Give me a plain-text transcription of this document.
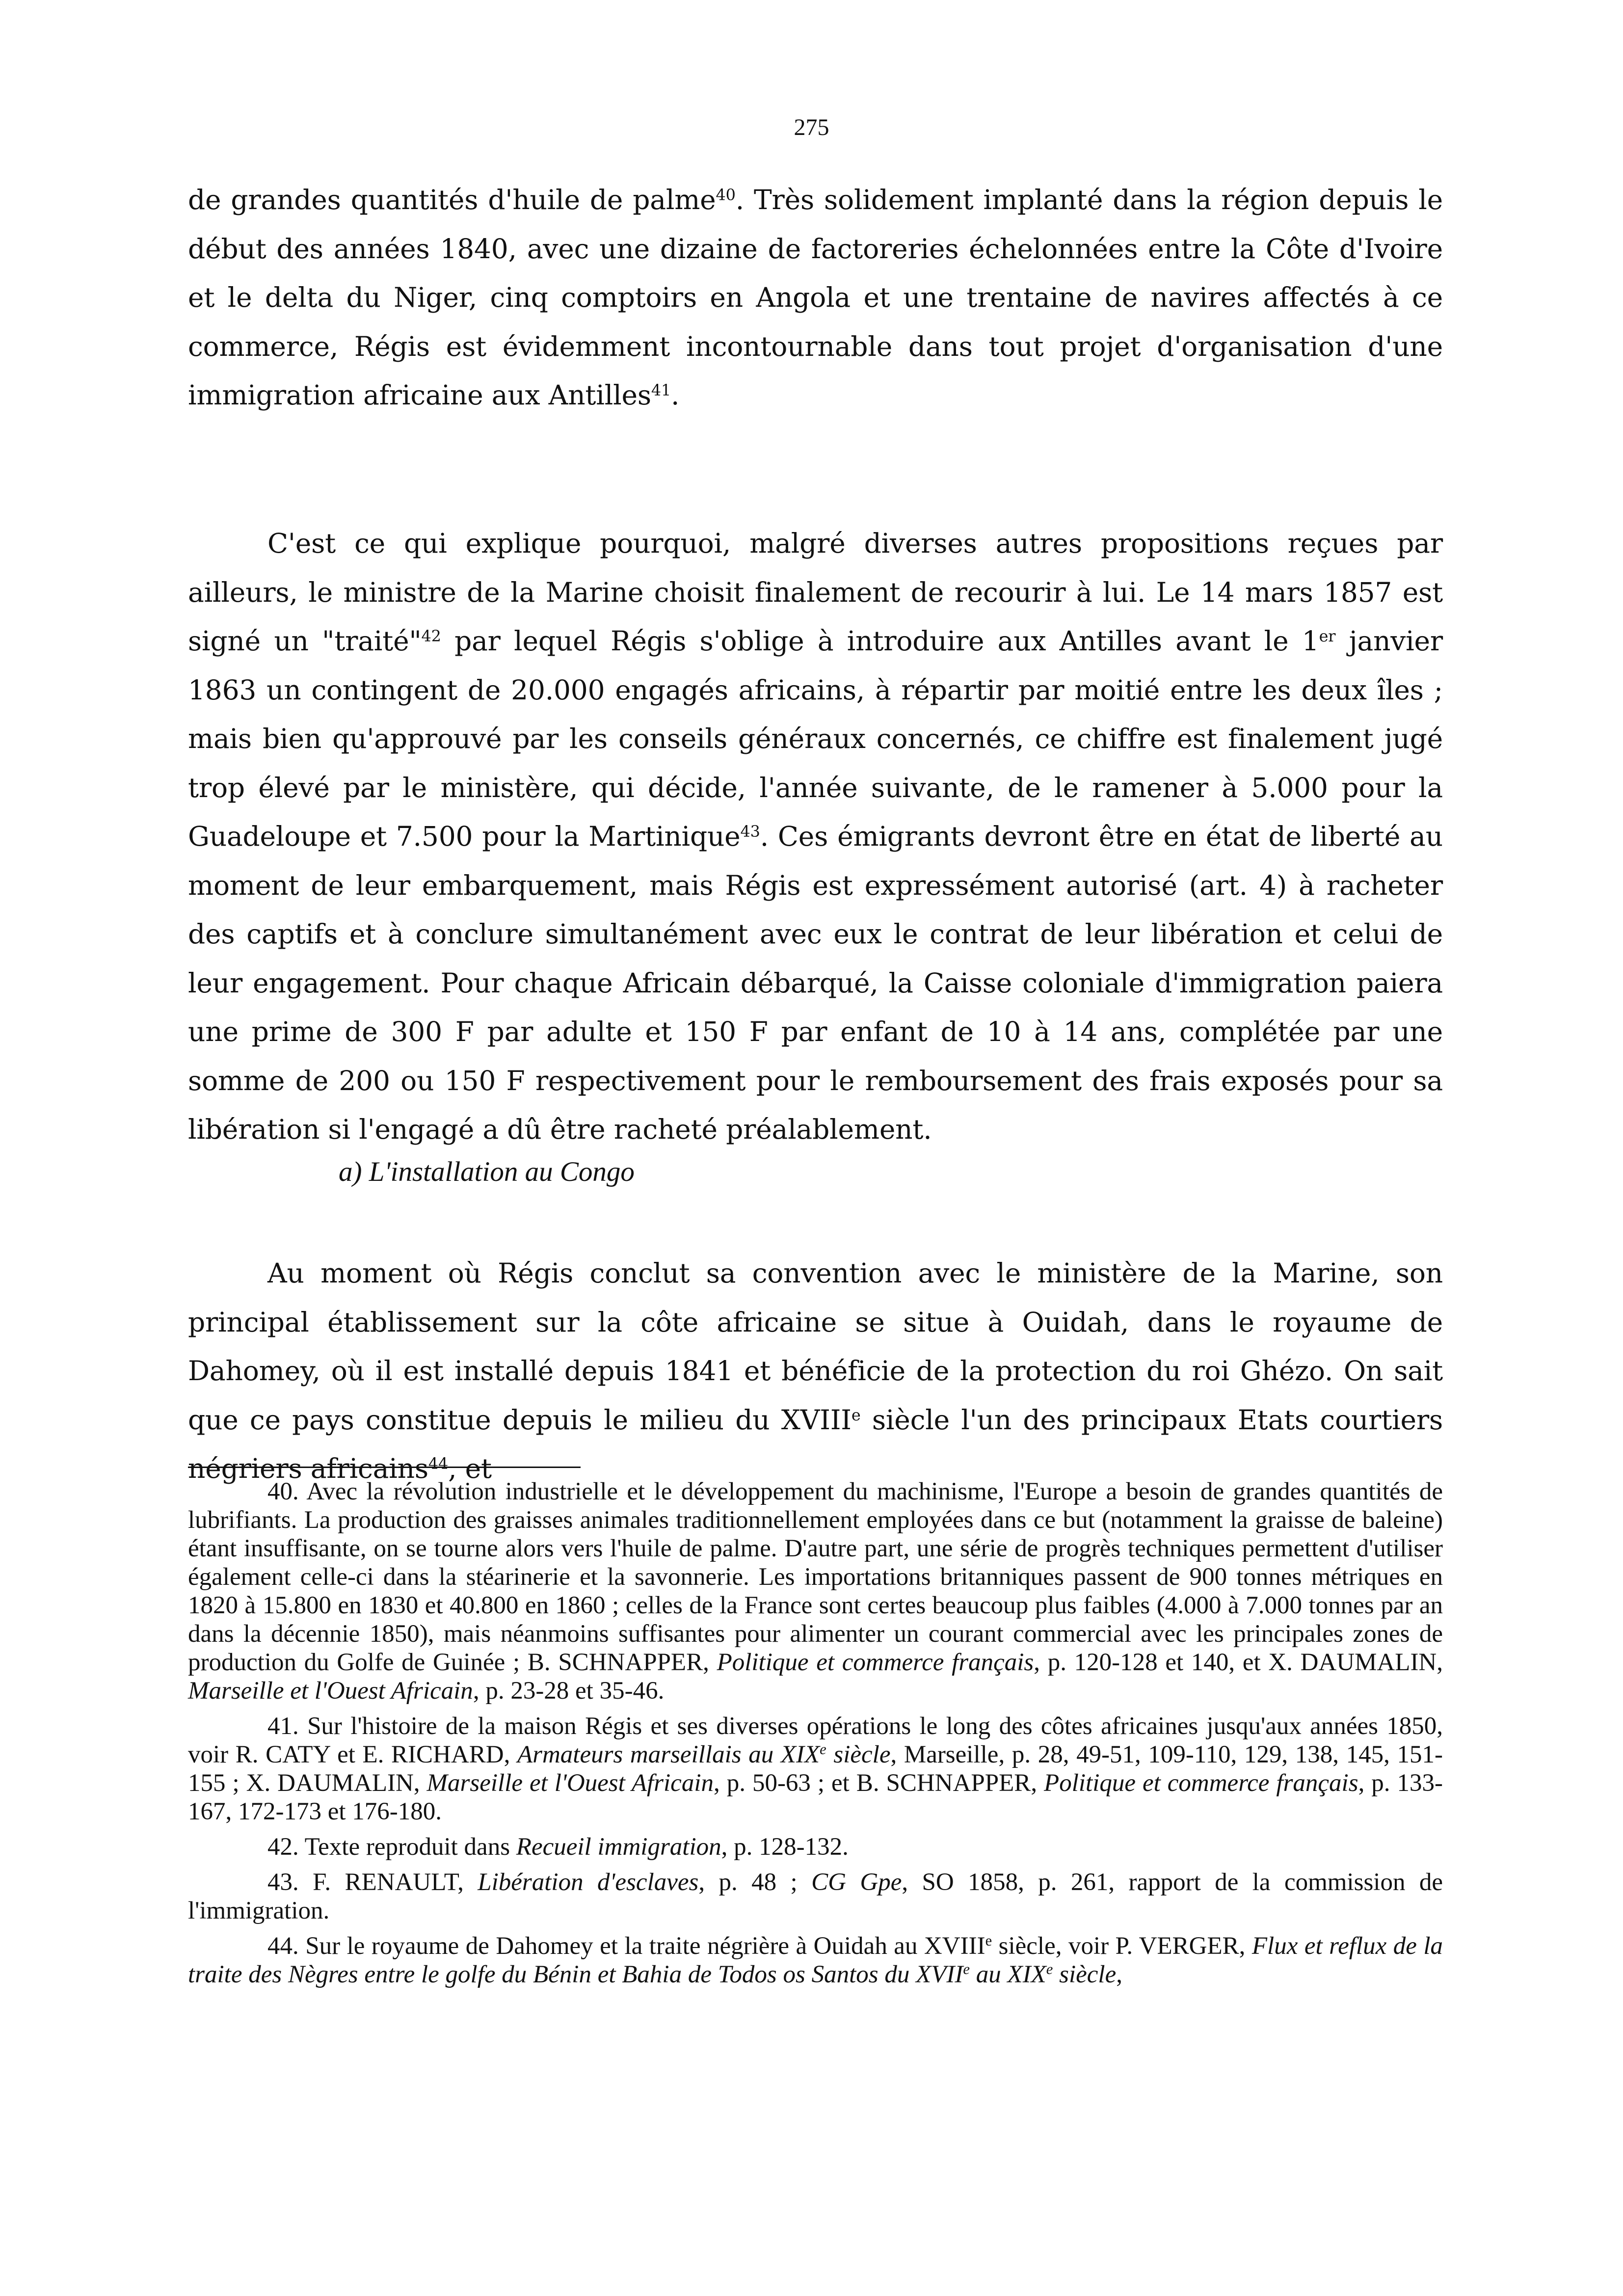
275

de grandes quantités d'huile de palme$^{40}$. Très solidement implanté dans la région depuis le début des années 1840, avec une dizaine de factoreries échelonnées entre la Côte d'Ivoire et le delta du Niger, cinq comptoirs en Angola et une trentaine de navires affectés à ce commerce, Régis est évidemment incontournable dans tout projet d'organisation d'une immigration africaine aux Antilles$^{41}$.

C'est ce qui explique pourquoi, malgré diverses autres propositions reçues par ailleurs, le ministre de la Marine choisit finalement de recourir à lui. Le 14 mars 1857 est signé un "traité"$^{42}$ par lequel Régis s'oblige à introduire aux Antilles avant le 1er janvier 1863 un contingent de 20.000 engagés africains, à répartir par moitié entre les deux îles ; mais bien qu'approuvé par les conseils généraux concernés, ce chiffre est finalement jugé trop élevé par le ministère, qui décide, l'année suivante, de le ramener à 5.000 pour la Guadeloupe et 7.500 pour la Martinique$^{43}$. Ces émigrants devront être en état de liberté au moment de leur embarquement, mais Régis est expressément autorisé (art. 4) à racheter des captifs et à conclure simultanément avec eux le contrat de leur libération et celui de leur engagement. Pour chaque Africain débarqué, la Caisse coloniale d'immigration paiera une prime de 300 F par adulte et 150 F par enfant de 10 à 14 ans, complétée par une somme de 200 ou 150 F respectivement pour le remboursement des frais exposés pour sa libération si l'engagé a dû être racheté préalablement.

a) L'installation au Congo

Au moment où Régis conclut sa convention avec le ministère de la Marine, son principal établissement sur la côte africaine se situe à Ouidah, dans le royaume de Dahomey, où il est installé depuis 1841 et bénéficie de la protection du roi Ghézo. On sait que ce pays constitue depuis le milieu du XVIIIe siècle l'un des principaux Etats courtiers négriers africains$^{44}$, et

40. Avec la révolution industrielle et le développement du machinisme, l'Europe a besoin de grandes quantités de lubrifiants. La production des graisses animales traditionnellement employées dans ce but (notamment la graisse de baleine) étant insuffisante, on se tourne alors vers l'huile de palme. D'autre part, une série de progrès techniques permettent d'utiliser également celle-ci dans la stéarinerie et la savonnerie. Les importations britanniques passent de 900 tonnes métriques en 1820 à 15.800 en 1830 et 40.800 en 1860 ; celles de la France sont certes beaucoup plus faibles (4.000 à 7.000 tonnes par an dans la décennie 1850), mais néanmoins suffisantes pour alimenter un courant commercial avec les principales zones de production du Golfe de Guinée ; B. SCHNAPPER, Politique et commerce français, p. 120-128 et 140, et X. DAUMALIN, Marseille et l'Ouest Africain, p. 23-28 et 35-46.

41. Sur l'histoire de la maison Régis et ses diverses opérations le long des côtes africaines jusqu'aux années 1850, voir R. CATY et E. RICHARD, Armateurs marseillais au XIXe siècle, Marseille, p. 28, 49-51, 109-110, 129, 138, 145, 151-155 ; X. DAUMALIN, Marseille et l'Ouest Africain, p. 50-63 ; et B. SCHNAPPER, Politique et commerce français, p. 133-167, 172-173 et 176-180.

42. Texte reproduit dans Recueil immigration, p. 128-132.

43. F. RENAULT, Libération d'esclaves, p. 48 ; CG Gpe, SO 1858, p. 261, rapport de la commission de l'immigration.

44. Sur le royaume de Dahomey et la traite négrière à Ouidah au XVIIIe siècle, voir P. VERGER, Flux et reflux de la traite des Nègres entre le golfe du Bénin et Bahia de Todos os Santos du XVIIe au XIXe siècle,
